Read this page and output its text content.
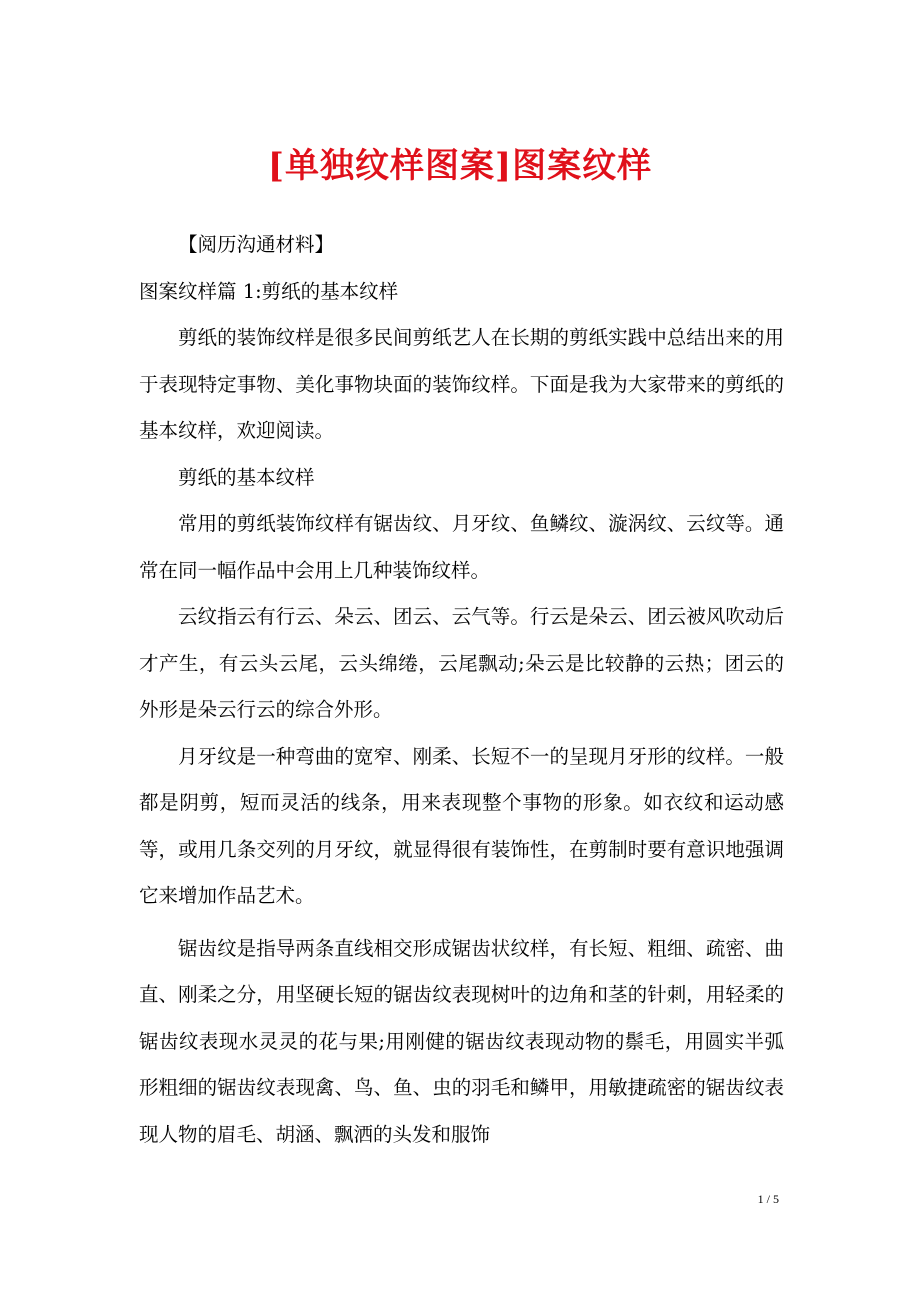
[单独纹样图案]图案纹样

【阅历沟通材料】

图案纹样篇 1:剪纸的基本纹样

剪纸的装饰纹样是很多民间剪纸艺人在长期的剪纸实践中总结出来的用于表现特定事物、美化事物块面的装饰纹样。下面是我为大家带来的剪纸的基本纹样，欢迎阅读。

剪纸的基本纹样

常用的剪纸装饰纹样有锯齿纹、月牙纹、鱼鳞纹、漩涡纹、云纹等。通常在同一幅作品中会用上几种装饰纹样。

云纹指云有行云、朵云、团云、云气等。行云是朵云、团云被风吹动后才产生，有云头云尾，云头绵绻，云尾飘动;朵云是比较静的云热；团云的外形是朵云行云的综合外形。

月牙纹是一种弯曲的宽窄、刚柔、长短不一的呈现月牙形的纹样。一般都是阴剪，短而灵活的线条，用来表现整个事物的形象。如衣纹和运动感等，或用几条交列的月牙纹，就显得很有装饰性，在剪制时要有意识地强调它来增加作品艺术。

锯齿纹是指导两条直线相交形成锯齿状纹样，有长短、粗细、疏密、曲直、刚柔之分，用坚硬长短的锯齿纹表现树叶的边角和茎的针刺，用轻柔的锯齿纹表现水灵灵的花与果;用刚健的锯齿纹表现动物的鬃毛，用圆实半弧形粗细的锯齿纹表现禽、鸟、鱼、虫的羽毛和鳞甲，用敏捷疏密的锯齿纹表现人物的眉毛、胡涵、飘洒的头发和服饰

1 / 5
